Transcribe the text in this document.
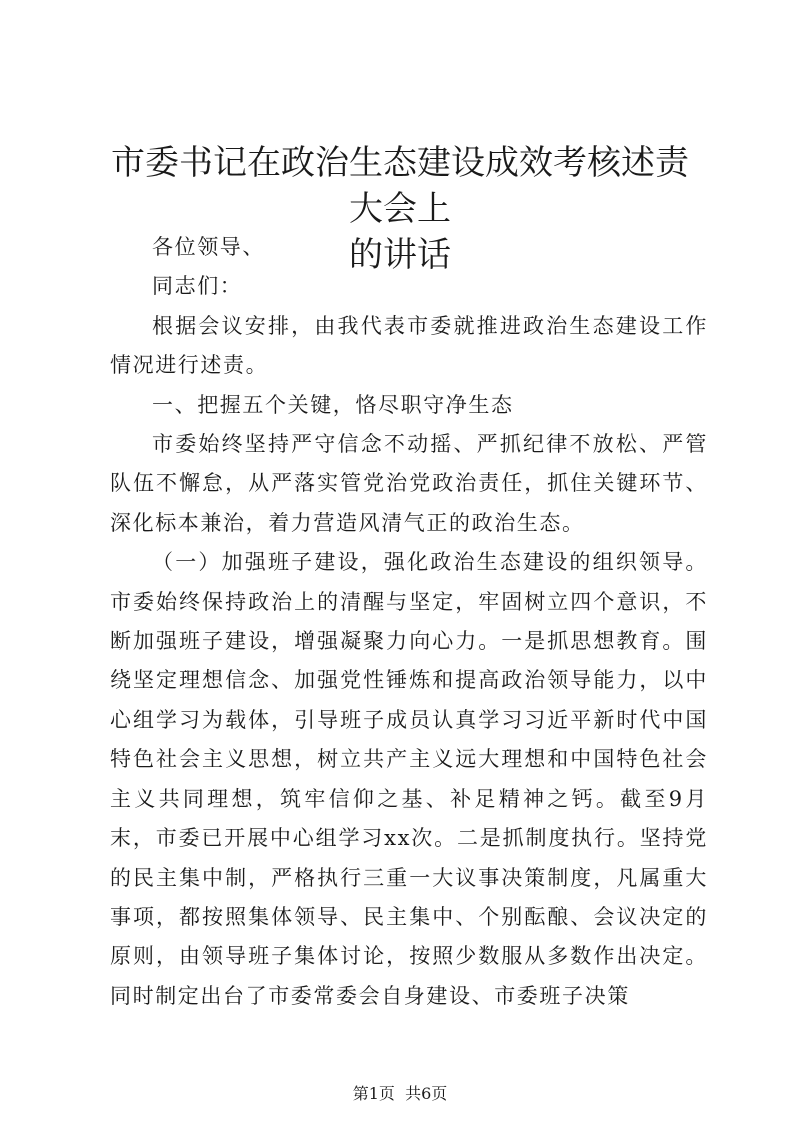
市委书记在政治生态建设成效考核述责大会上
的讲话

各位领导、

同志们：

根据会议安排，由我代表市委就推进政治生态建设工作情况进行述责。

一、把握五个关键，恪尽职守净生态

市委始终坚持严守信念不动摇、严抓纪律不放松、严管队伍不懈怠，从严落实管党治党政治责任，抓住关键环节、深化标本兼治，着力营造风清气正的政治生态。

（一）加强班子建设，强化政治生态建设的组织领导。市委始终保持政治上的清醒与坚定，牢固树立四个意识，不断加强班子建设，增强凝聚力向心力。一是抓思想教育。围绕坚定理想信念、加强党性锤炼和提高政治领导能力，以中心组学习为载体，引导班子成员认真学习习近平新时代中国特色社会主义思想，树立共产主义远大理想和中国特色社会主义共同理想，筑牢信仰之基、补足精神之钙。截至9月末，市委已开展中心组学习xx次。二是抓制度执行。坚持党的民主集中制，严格执行三重一大议事决策制度，凡属重大事项，都按照集体领导、民主集中、个别酝酿、会议决定的原则，由领导班子集体讨论，按照少数服从多数作出决定。同时制定出台了市委常委会自身建设、市委班子决策

第1页  共6页
